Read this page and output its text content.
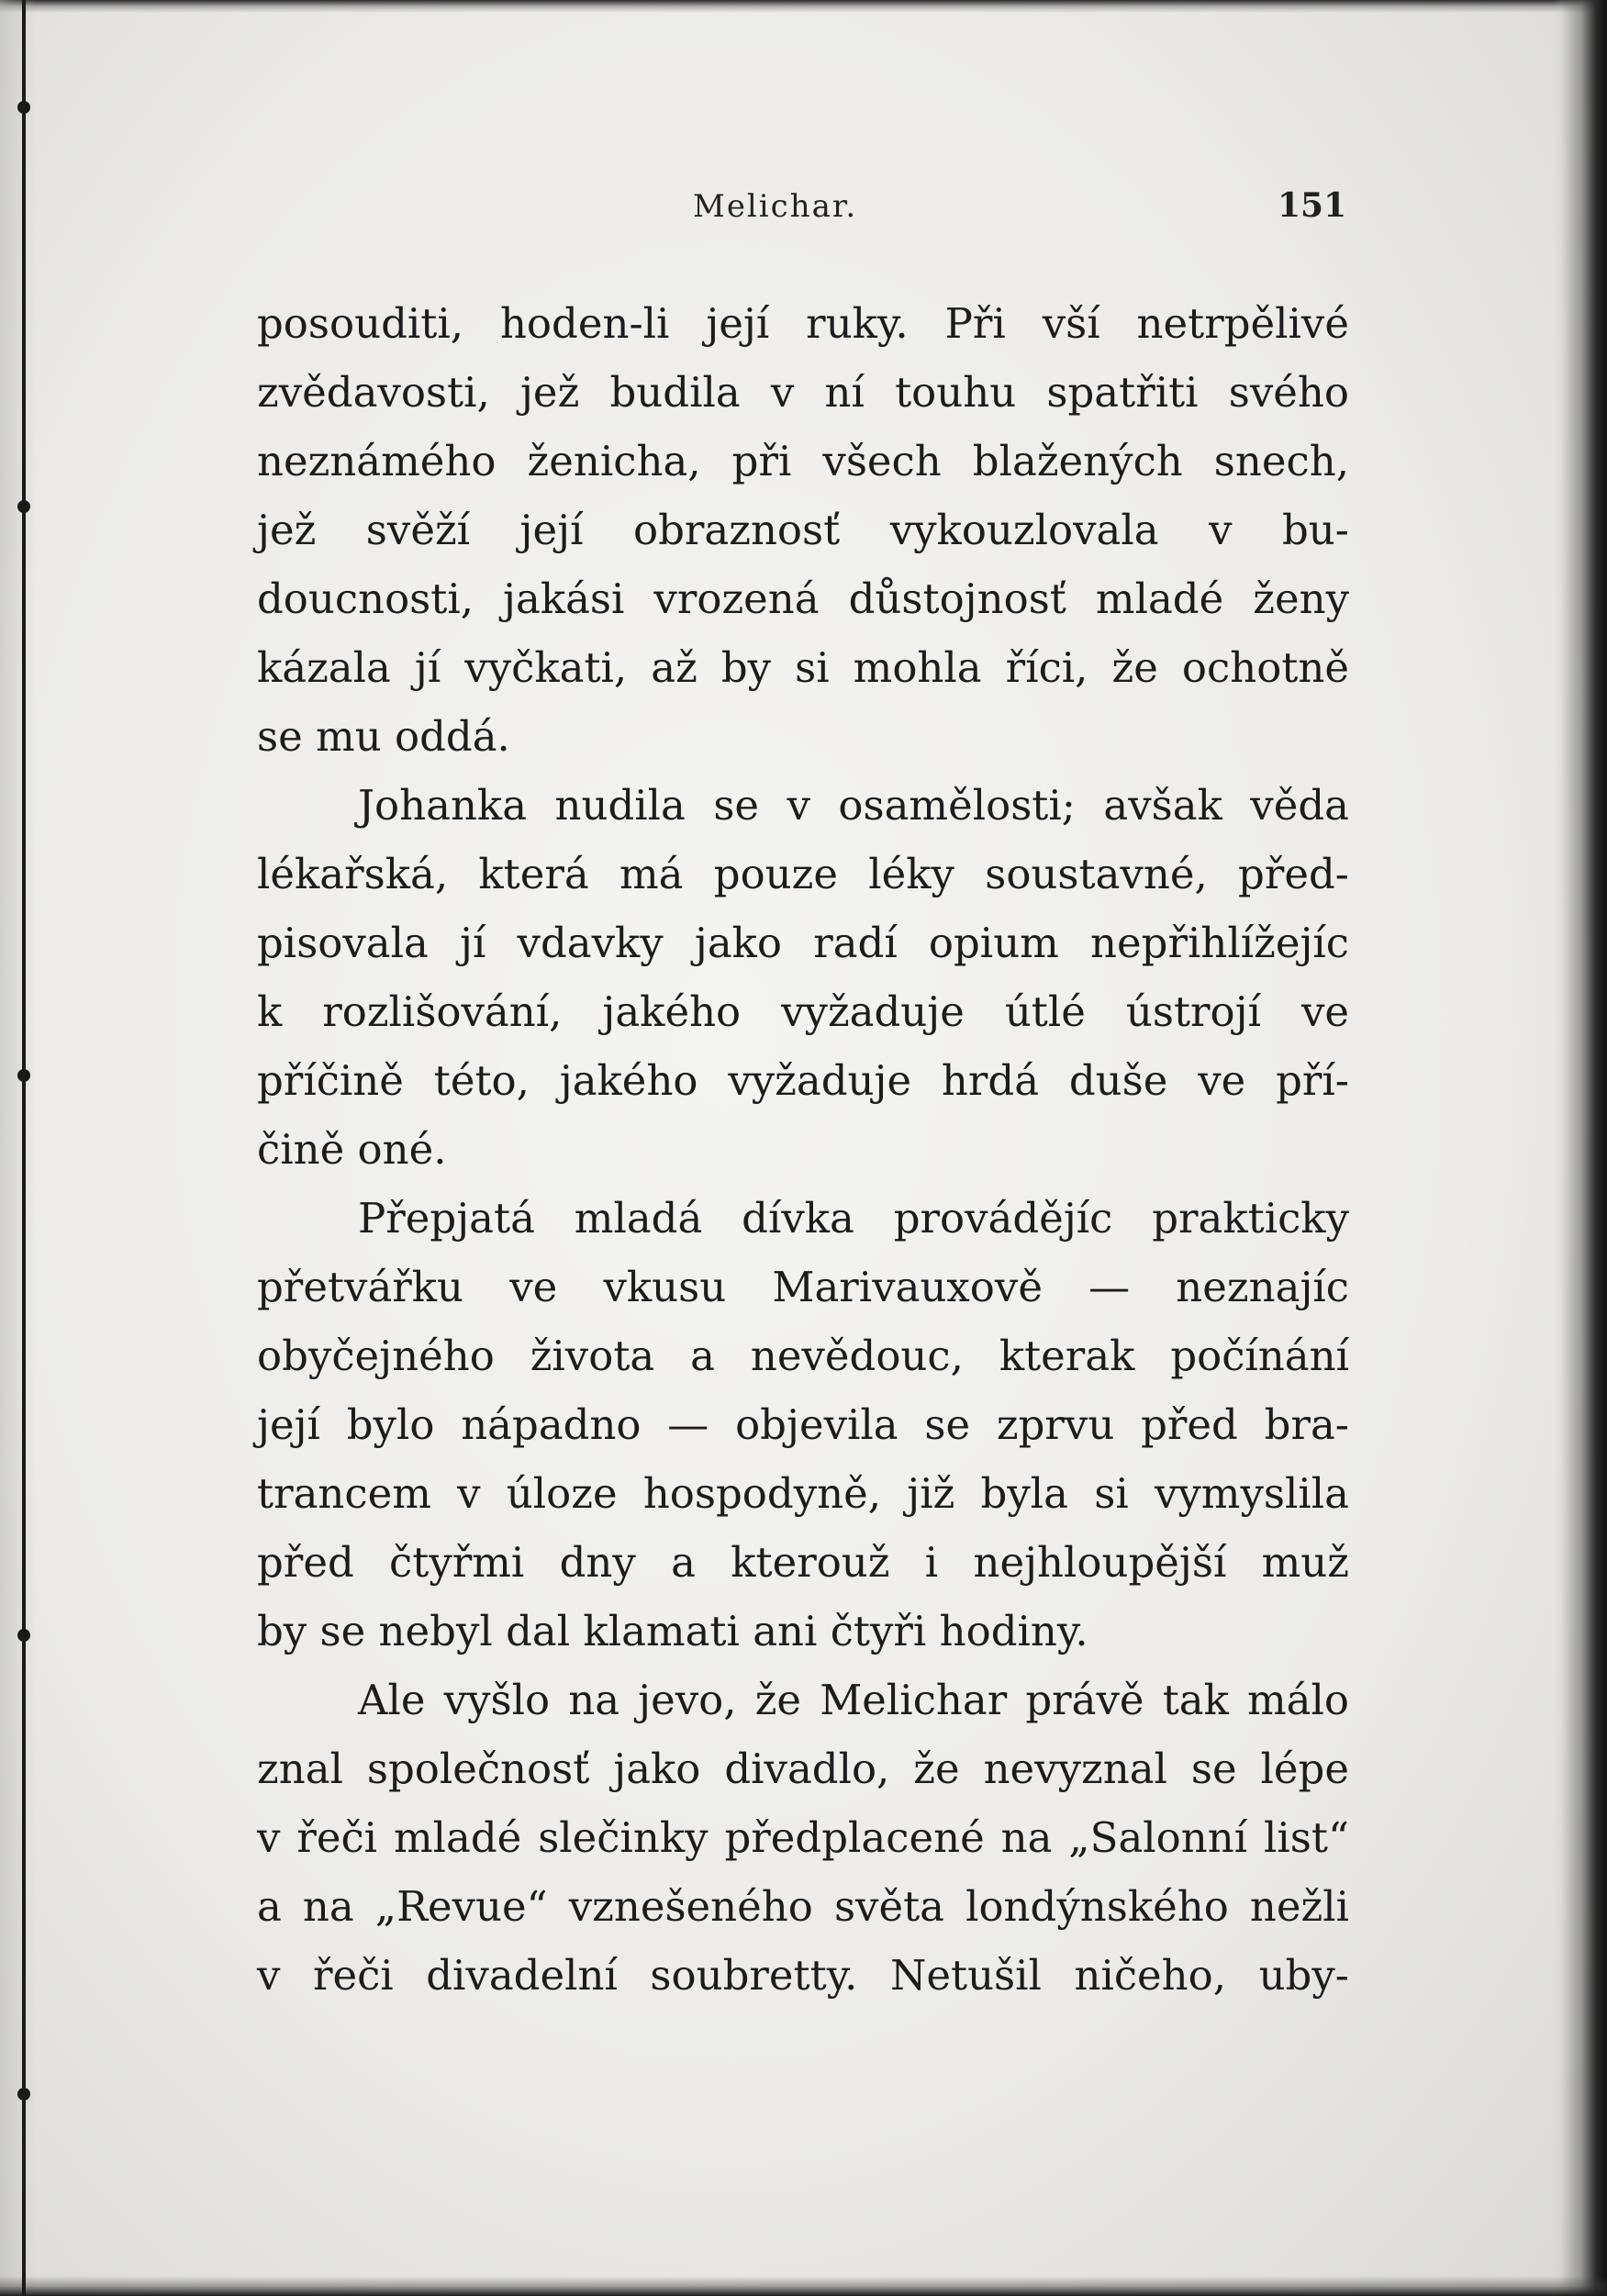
Melichar.	151
posouditi, hoden-li její ruky. Při vší netrpělivé
zvědavosti, jež budila v ní touhu spatřiti svého
neznámého ženicha, při všech blažených snech,
jež svěží její obraznosť vykouzlovala v bu-
doucnosti, jakási vrozená důstojnosť mladé ženy
kázala jí vyčkati, až by si mohla říci, že ochotně
se mu oddá.
Johanka nudila se v osamělosti; avšak věda
lékařská, která má pouze léky soustavné, před-
pisovala jí vdavky jako radí opium nepřihlížejíc
k rozlišování, jakého vyžaduje útlé ústrojí ve
příčině této, jakého vyžaduje hrdá duše ve pří-
čině oné.
Přepjatá mladá dívka provádějíc prakticky
přetvářku ve vkusu Marivauxově — neznajíc
obyčejného života a nevědouc, kterak počínání
její bylo nápadno — objevila se zprvu před bra-
trancem v úloze hospodyně, již byla si vymyslila
před čtyřmi dny a kterouž i nejhloupější muž
by se nebyl dal klamati ani čtyři hodiny.
Ale vyšlo na jevo, že Melichar právě tak málo
znal společnosť jako divadlo, že nevyznal se lépe
v řeči mladé slečinky předplacené na „Salonní list“
a na „Revue“ vznešeného světa londýnského nežli
v řeči divadelní soubretty. Netušil ničeho, uby-
